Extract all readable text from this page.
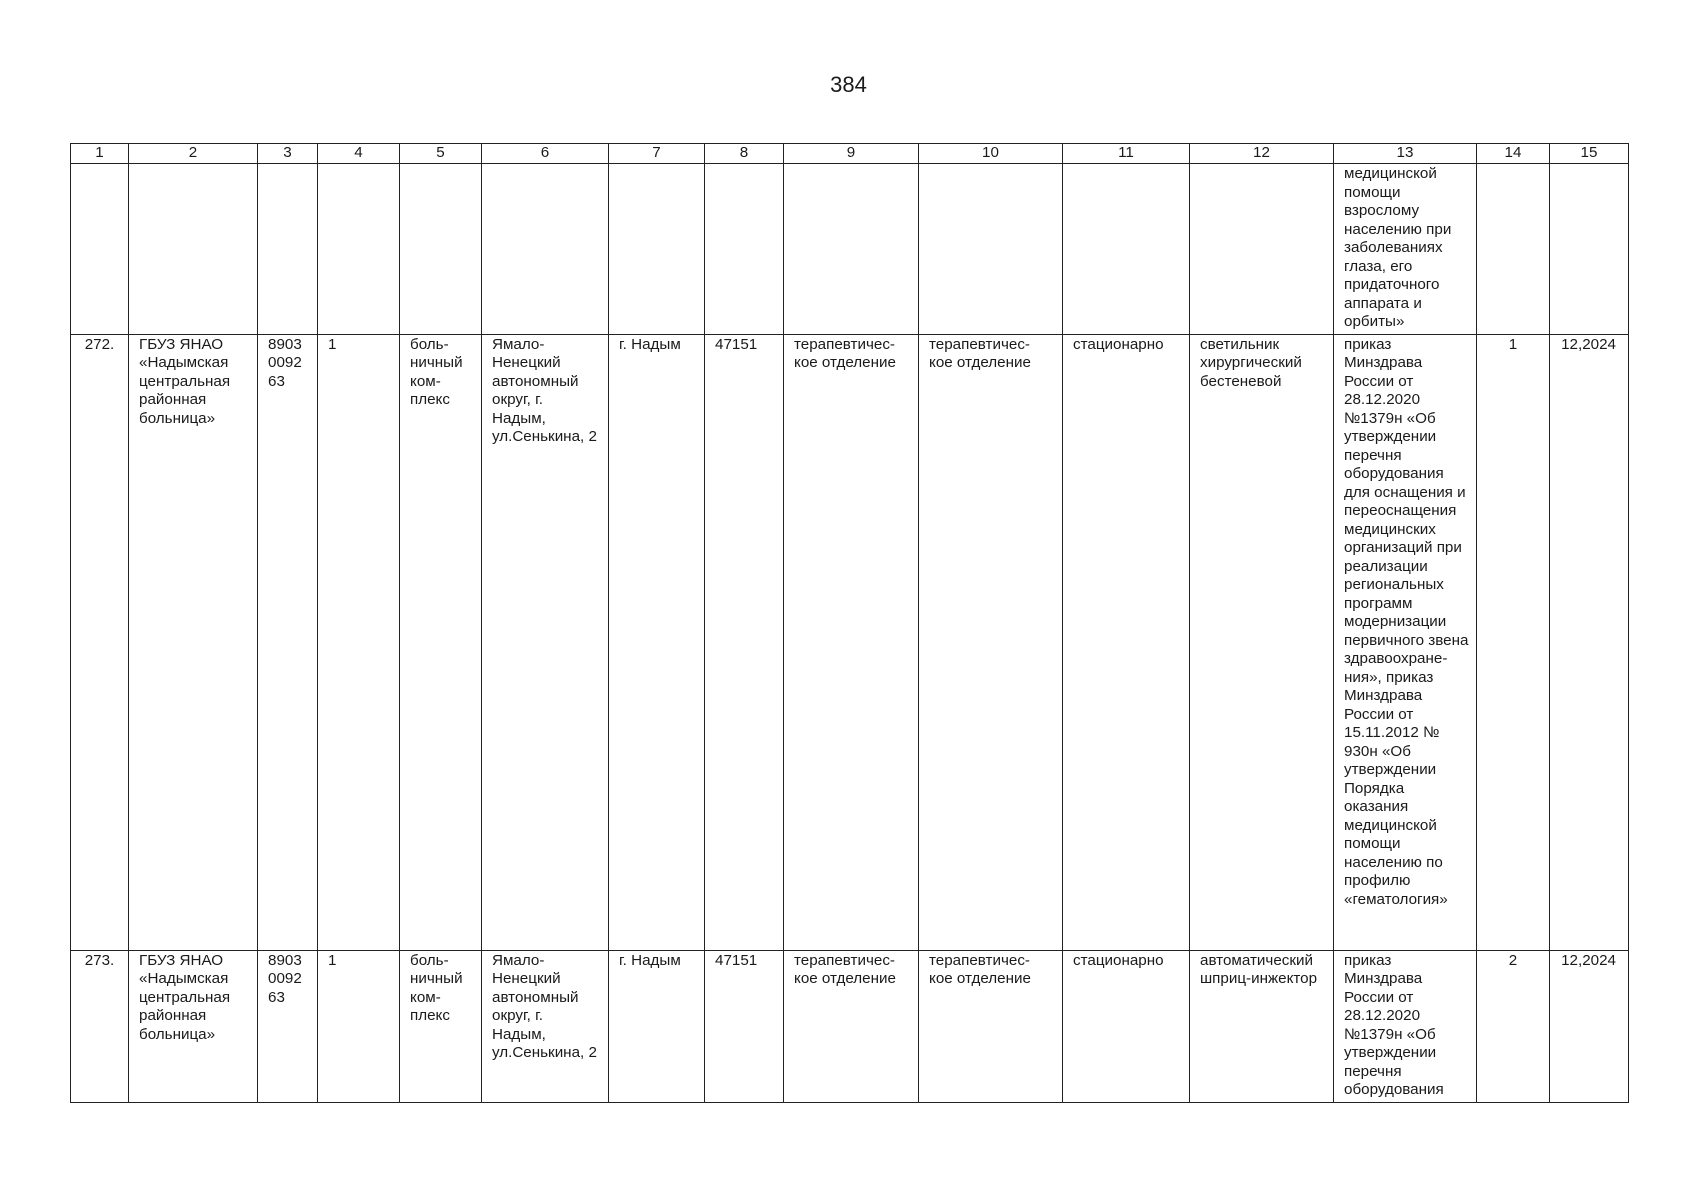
384
1	2	3	4	5	6	7	8	9	10	11	12	13	14	15
												медицинской помощи взрослому населению при заболеваниях глаза, его придаточного аппарата и орбиты»		
272.	ГБУЗ ЯНАО «Надымская центральная районная больница»	8903 0092 63	1	боль-ничный ком-плекс	Ямало-Ненецкий автономный округ, г. Надым, ул.Сенькина, 2	г. Надым	47151	терапевтичес-кое отделение	терапевтичес-кое отделение	стационарно	светильник хирургический бестеневой	приказ Минздрава России от 28.12.2020 №1379н «Об утверждении перечня оборудования для оснащения и переоснащения медицинских организаций при реализации региональных программ модернизации первичного звена здравоохране-ния», приказ Минздрава России от 15.11.2012 № 930н «Об утверждении Порядка оказания медицинской помощи населению по профилю «гематология»	1	12,2024
273.	ГБУЗ ЯНАО «Надымская центральная районная больница»	8903 0092 63	1	боль-ничный ком-плекс	Ямало-Ненецкий автономный округ, г. Надым, ул.Сенькина, 2	г. Надым	47151	терапевтичес-кое отделение	терапевтичес-кое отделение	стационарно	автоматический шприц-инжектор	приказ Минздрава России от 28.12.2020 №1379н «Об утверждении перечня оборудования	2	12,2024
